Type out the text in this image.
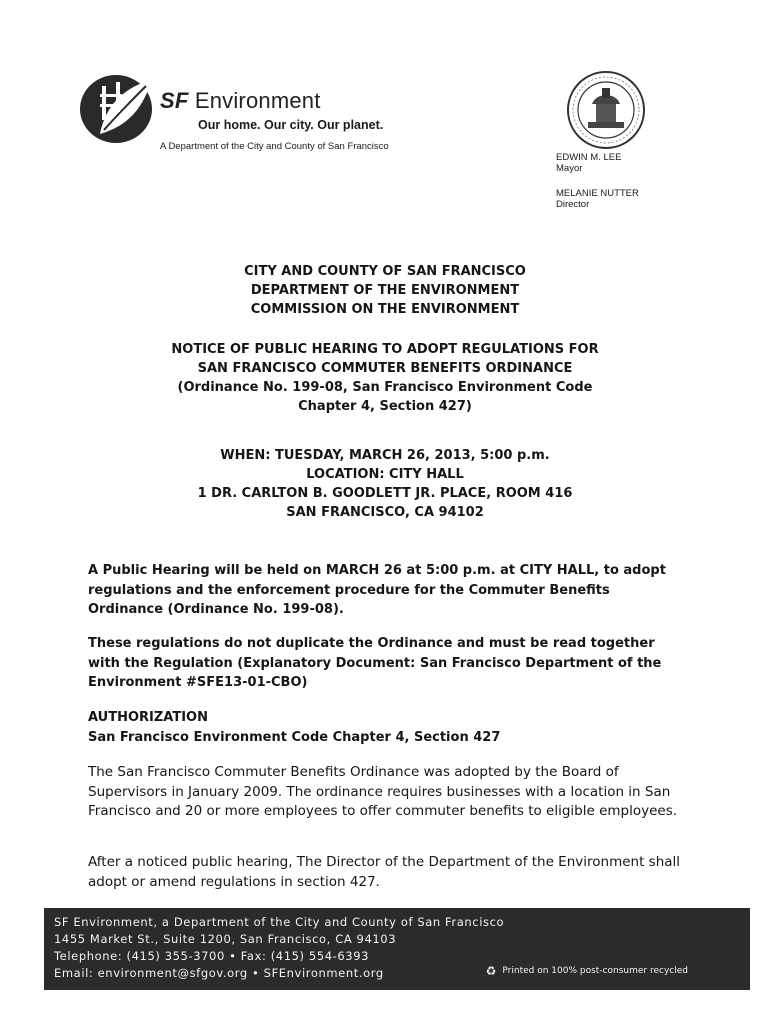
SF Environment
Our home. Our city. Our planet.
A Department of the City and County of San Francisco
EDWIN M. LEE
Mayor
MELANIE NUTTER
Director
CITY AND COUNTY OF SAN FRANCISCO
DEPARTMENT OF THE ENVIRONMENT
COMMISSION ON THE ENVIRONMENT
NOTICE OF PUBLIC HEARING TO ADOPT REGULATIONS FOR
SAN FRANCISCO COMMUTER BENEFITS ORDINANCE
(Ordinance No. 199-08, San Francisco Environment Code
Chapter 4, Section 427)
WHEN: TUESDAY, MARCH 26, 2013, 5:00 p.m.
LOCATION: CITY HALL
1 DR. CARLTON B. GOODLETT JR. PLACE, ROOM 416
SAN FRANCISCO, CA 94102
A Public Hearing will be held on MARCH 26 at 5:00 p.m. at CITY HALL, to adopt regulations and the enforcement procedure for the Commuter Benefits Ordinance (Ordinance No. 199-08).
These regulations do not duplicate the Ordinance and must be read together with the Regulation (Explanatory Document: San Francisco Department of the Environment #SFE13-01-CBO)
AUTHORIZATION
San Francisco Environment Code Chapter 4, Section 427
The San Francisco Commuter Benefits Ordinance was adopted by the Board of Supervisors in January 2009. The ordinance requires businesses with a location in San Francisco and 20 or more employees to offer commuter benefits to eligible employees.
After a noticed public hearing, The Director of the Department of the Environment shall adopt or amend regulations in section 427.
SF Environment, a Department of the City and County of San Francisco
1455 Market St., Suite 1200, San Francisco, CA 94103
Telephone: (415) 355-3700 • Fax: (415) 554-6393
Email: environment@sfgov.org • SFEnvironment.org	♻ Printed on 100% post-consumer recycled
